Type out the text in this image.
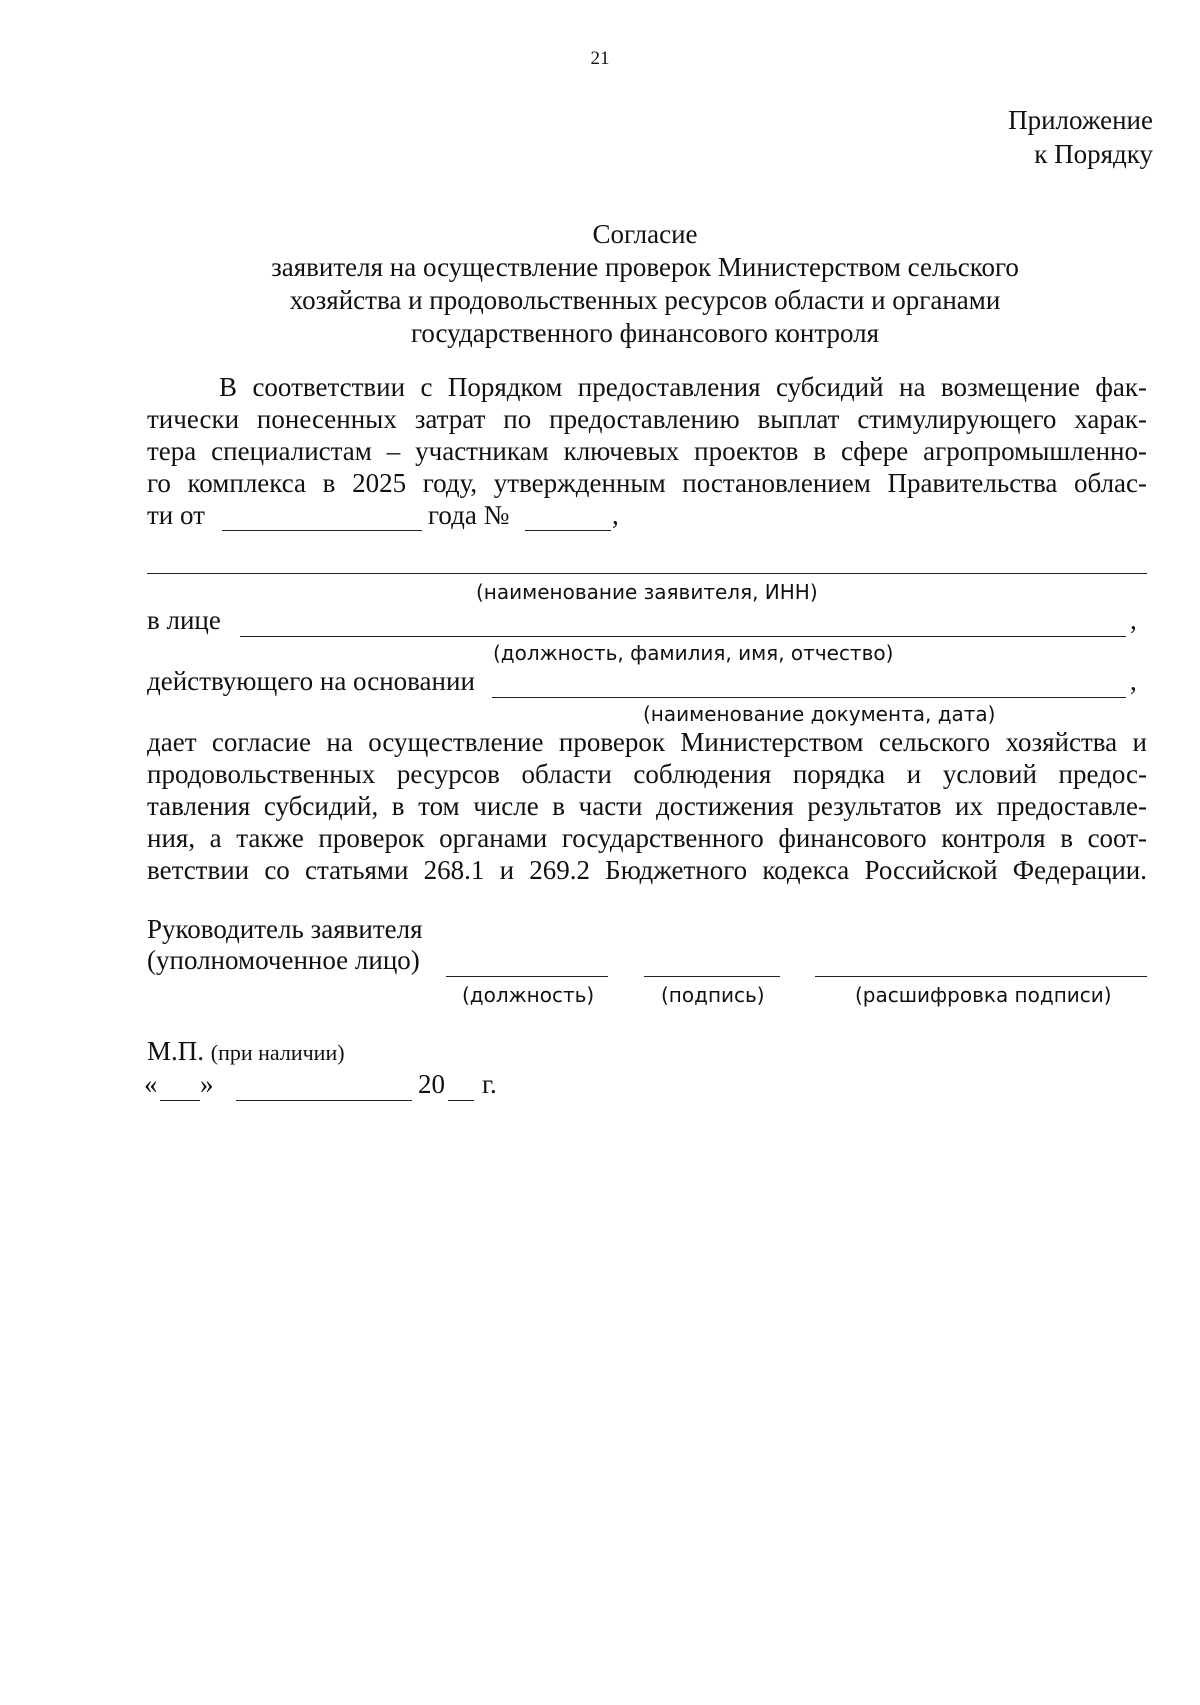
21
Приложение
к Порядку
Согласие
заявителя на осуществление проверок Министерством сельского
хозяйства и продовольственных ресурсов области и органами
государственного финансового контроля
В соответствии с Порядком предоставления субсидий на возмещение фак-
тически понесенных затрат по предоставлению выплат стимулирующего харак-
тера специалистам – участникам ключевых проектов в сфере агропромышленно-
го комплекса в 2025 году, утвержденным постановлением Правительства облас-
ти от	года №	,
(наименование заявителя, ИНН)
в лице	,
(должность, фамилия, имя, отчество)
действующего на основании	,
(наименование документа, дата)
дает согласие на осуществление проверок Министерством сельского хозяйства и
продовольственных ресурсов области соблюдения порядка и условий предос-
тавления субсидий, в том числе в части достижения результатов их предоставле-
ния, а также проверок органами государственного финансового контроля в соот-
ветствии со статьями 268.1 и 269.2 Бюджетного кодекса Российской Федерации.
Руководитель заявителя
(уполномоченное лицо)
(должность)	(подпись)	(расшифровка подписи)
М.П. (при наличии)
« »	20 г.
